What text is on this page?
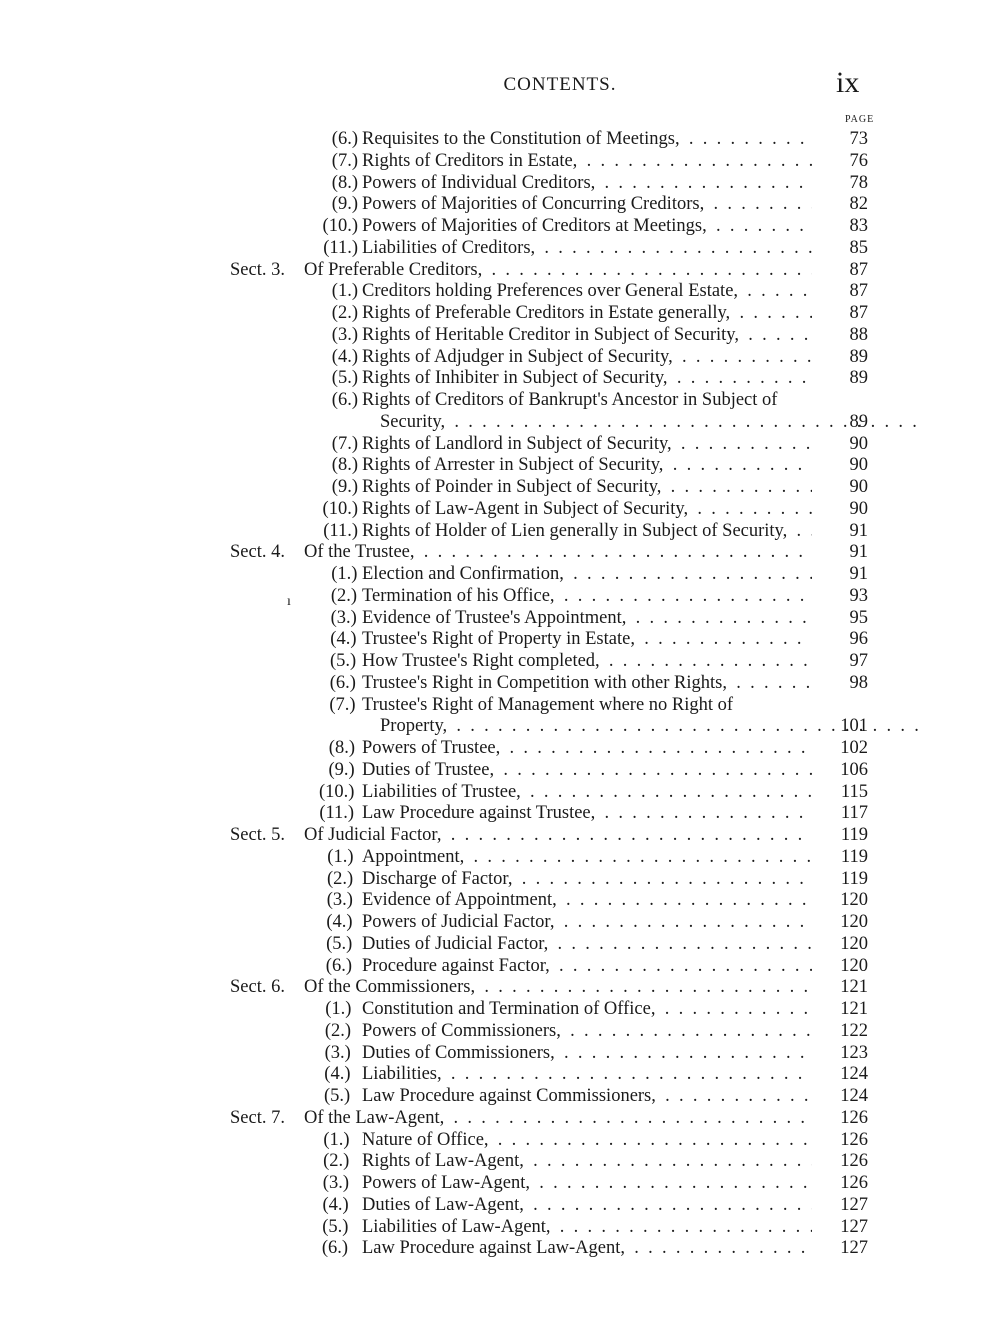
CONTENTS.	ix
PAGE
ı
(6.) Requisites to the Constitution of Meetings, . .	73
(7.) Rights of Creditors in Estate, . .	76
(8.) Powers of Individual Creditors, . .	78
(9.) Powers of Majorities of Concurring Creditors, . .	82
(10.) Powers of Majorities of Creditors at Meetings, . .	83
(11.) Liabilities of Creditors, . .	85
Sect. 3. Of Preferable Creditors, . .	87
(1.) Creditors holding Preferences over General Estate, . .	87
(2.) Rights of Preferable Creditors in Estate generally, . .	87
(3.) Rights of Heritable Creditor in Subject of Security, . .	88
(4.) Rights of Adjudger in Subject of Security, . .	89
(5.) Rights of Inhibiter in Subject of Security, . .	89
(6.) Rights of Creditors of Bankrupt's Ancestor in Subject of
Security, . .	89
(7.) Rights of Landlord in Subject of Security, . .	90
(8.) Rights of Arrester in Subject of Security, . .	90
(9.) Rights of Poinder in Subject of Security, . .	90
(10.) Rights of Law-Agent in Subject of Security, . .	90
(11.) Rights of Holder of Lien generally in Subject of Security, . .	91
Sect. 4. Of the Trustee, . .	91
(1.) Election and Confirmation, . .	91
(2.) Termination of his Office, . .	93
(3.) Evidence of Trustee's Appointment, . .	95
(4.) Trustee's Right of Property in Estate, . .	96
(5.) How Trustee's Right completed, . .	97
(6.) Trustee's Right in Competition with other Rights, . .	98
(7.) Trustee's Right of Management where no Right of
Property, . .	101
(8.) Powers of Trustee, . .	102
(9.) Duties of Trustee, . .	106
(10.) Liabilities of Trustee, . .	115
(11.) Law Procedure against Trustee, . .	117
Sect. 5. Of Judicial Factor, . .	119
(1.) Appointment, . .	119
(2.) Discharge of Factor, . .	119
(3.) Evidence of Appointment, . .	120
(4.) Powers of Judicial Factor, . .	120
(5.) Duties of Judicial Factor, . .	120
(6.) Procedure against Factor, . .	120
Sect. 6. Of the Commissioners, . .	121
(1.) Constitution and Termination of Office, . .	121
(2.) Powers of Commissioners, . .	122
(3.) Duties of Commissioners, . .	123
(4.) Liabilities, . .	124
(5.) Law Procedure against Commissioners, . .	124
Sect. 7. Of the Law-Agent, . .	126
(1.) Nature of Office, . .	126
(2.) Rights of Law-Agent, . .	126
(3.) Powers of Law-Agent, . .	126
(4.) Duties of Law-Agent, . .	127
(5.) Liabilities of Law-Agent, . .	127
(6.) Law Procedure against Law-Agent, . .	127
